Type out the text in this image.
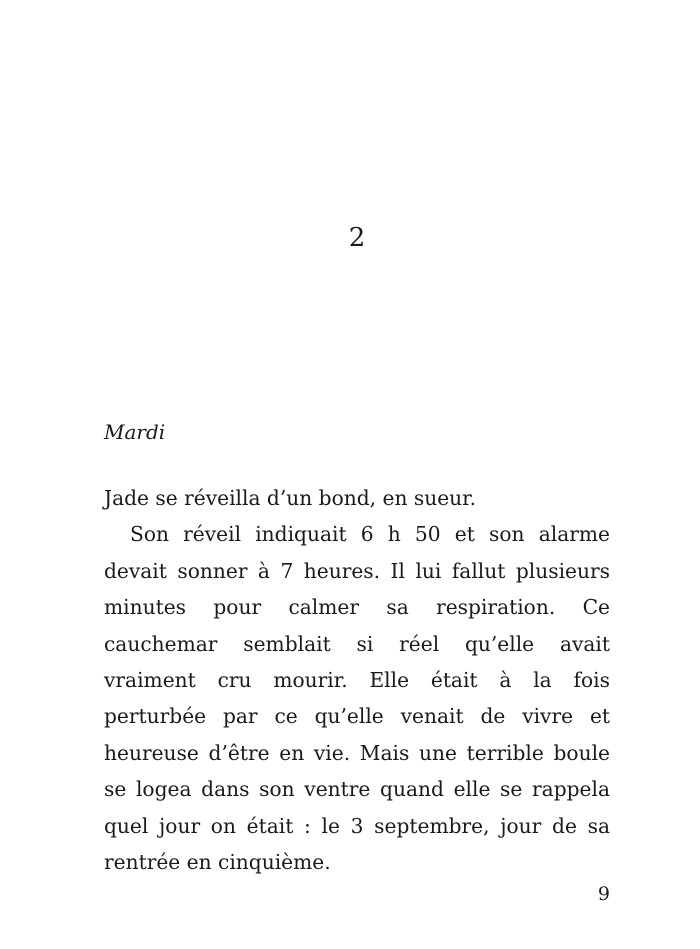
2
Mardi

Jade se réveilla d’un bond, en sueur.

Son réveil indiquait 6 h 50 et son alarme devait sonner à 7 heures. Il lui fallut plusieurs minutes pour calmer sa respiration. Ce cauchemar semblait si réel qu’elle avait vraiment cru mourir. Elle était à la fois perturbée par ce qu’elle venait de vivre et heureuse d’être en vie. Mais une terrible boule se logea dans son ventre quand elle se rappela quel jour on était : le 3 septembre, jour de sa rentrée en cinquième.

9
